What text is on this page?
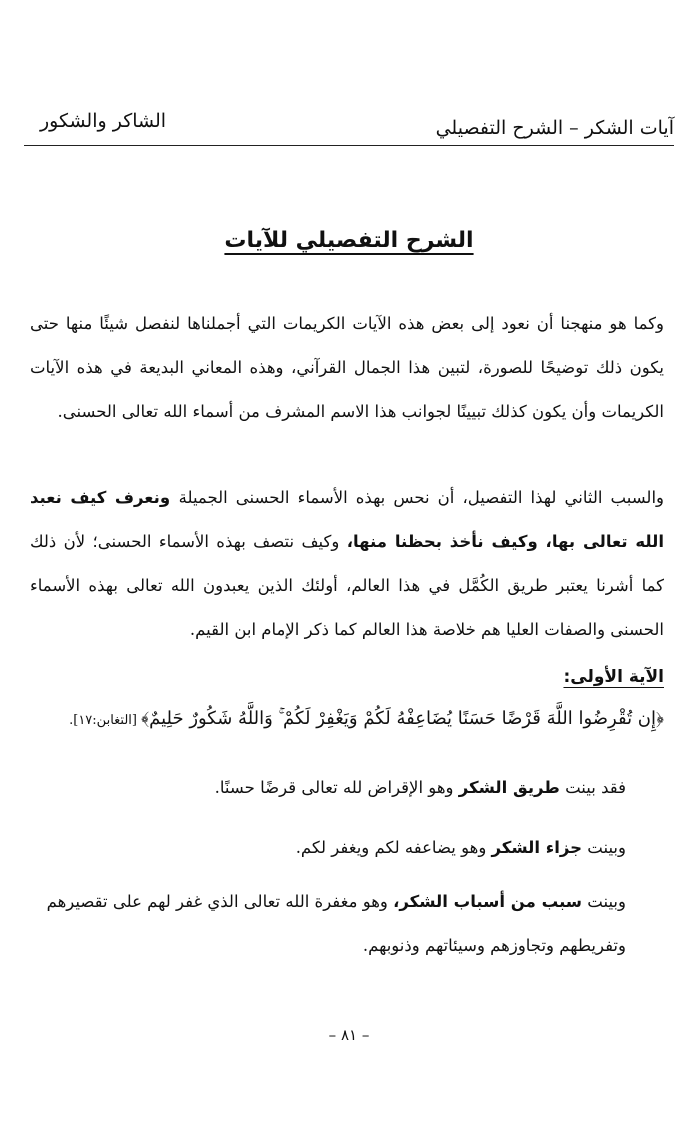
آيات الشكر – الشرح التفصيلي
الشاكر والشكور
الشرح التفصيلي للآيات

وكما هو منهجنا أن نعود إلى بعض هذه الآيات الكريمات التي أجملناها لنفصل شيئًا منها حتى يكون ذلك توضيحًا للصورة، لتبين هذا الجمال القرآني، وهذه المعاني البديعة في هذه الآيات الكريمات وأن يكون كذلك تبيينًا لجوانب هذا الاسم المشرف من أسماء الله تعالى الحسنى.

والسبب الثاني لهذا التفصيل، أن نحس بهذه الأسماء الحسنى الجميلة ونعرف كيف نعبد الله تعالى بها، وكيف نأخذ بحظنا منها، وكيف نتصف بهذه الأسماء الحسنى؛ لأن ذلك كما أشرنا يعتبر طريق الكُمَّل في هذا العالم، أولئك الذين يعبدون الله تعالى بهذه الأسماء الحسنى والصفات العليا هم خلاصة هذا العالم كما ذكر الإمام ابن القيم.

الآية الأولى:
﴿إِن تُقْرِضُوا اللَّهَ قَرْضًا حَسَنًا يُضَاعِفْهُ لَكُمْ وَيَغْفِرْ لَكُمْ ۚ وَاللَّهُ شَكُورٌ حَلِيمٌ﴾ [التغابن:١٧].

فقد بينت طريق الشكر وهو الإقراض لله تعالى قرضًا حسنًا.

وبينت جزاء الشكر وهو يضاعفه لكم ويغفر لكم.

وبينت سبب من أسباب الشكر، وهو مغفرة الله تعالى الذي غفر لهم على تقصيرهم وتفريطهم وتجاوزهم وسيئاتهم وذنوبهم.

– ٨١ –
